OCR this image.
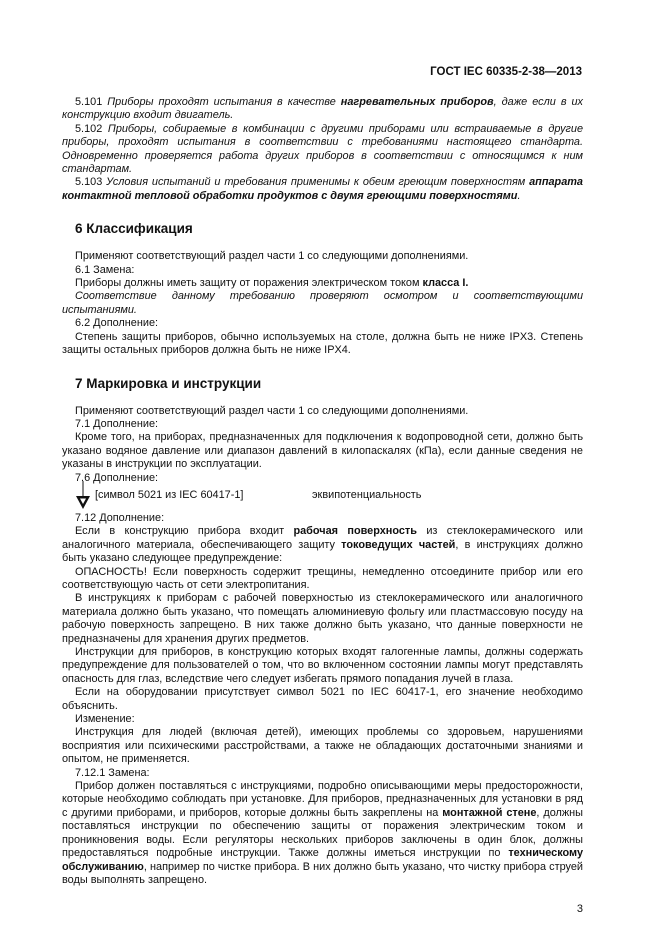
ГОСТ IEC 60335-2-38—2013

5.101 Приборы проходят испытания в качестве нагревательных приборов, даже если в их конструкцию входит двигатель.

5.102 Приборы, собираемые в комбинации с другими приборами или встраиваемые в другие приборы, проходят испытания в соответствии с требованиями настоящего стандарта. Одновременно проверяется работа других приборов в соответствии с относящимся к ним стандартам.

5.103 Условия испытаний и требования применимы к обеим греющим поверхностям аппарата контактной тепловой обработки продуктов с двумя греющими поверхностями.

6 Классификация

Применяют соответствующий раздел части 1 со следующими дополнениями.

6.1 Замена:

Приборы должны иметь защиту от поражения электрическом током класса I.

Соответствие данному требованию проверяют осмотром и соответствующими испытаниями.

6.2 Дополнение:

Степень защиты приборов, обычно используемых на столе, должна быть не ниже IPX3. Степень защиты остальных приборов должна быть не ниже IPX4.

7 Маркировка и инструкции

Применяют соответствующий раздел части 1 со следующими дополнениями.

7.1 Дополнение:

Кроме того, на приборах, предназначенных для подключения к водопроводной сети, должно быть указано водяное давление или диапазон давлений в килопаскалях (кПа), если данные сведения не указаны в инструкции по эксплуатации.

7.6 Дополнение:

[символ 5021 из IEC 60417-1]	эквипотенциальность

7.12 Дополнение:

Если в конструкцию прибора входит рабочая поверхность из стеклокерамического или аналогичного материала, обеспечивающего защиту токоведущих частей, в инструкциях должно быть указано следующее предупреждение:

ОПАСНОСТЬ! Если поверхность содержит трещины, немедленно отсоедините прибор или его соответствующую часть от сети электропитания.

В инструкциях к приборам с рабочей поверхностью из стеклокерамического или аналогичного материала должно быть указано, что помещать алюминиевую фольгу или пластмассовую посуду на рабочую поверхность запрещено. В них также должно быть указано, что данные поверхности не предназначены для хранения других предметов.

Инструкции для приборов, в конструкцию которых входят галогенные лампы, должны содержать предупреждение для пользователей о том, что во включенном состоянии лампы могут представлять опасность для глаз, вследствие чего следует избегать прямого попадания лучей в глаза.

Если на оборудовании присутствует символ 5021 по IEC 60417-1, его значение необходимо объяснить.

Изменение:

Инструкция для людей (включая детей), имеющих проблемы со здоровьем, нарушениями восприятия или психическими расстройствами, а также не обладающих достаточными знаниями и опытом, не применяется.

7.12.1 Замена:

Прибор должен поставляться с инструкциями, подробно описывающими меры предосторожности, которые необходимо соблюдать при установке. Для приборов, предназначенных для установки в ряд с другими приборами, и приборов, которые должны быть закреплены на монтажной стене, должны поставляться инструкции по обеспечению защиты от поражения электрическим током и проникновения воды. Если регуляторы нескольких приборов заключены в один блок, должны предоставляться подробные инструкции. Также должны иметься инструкции по техническому обслуживанию, например по чистке прибора. В них должно быть указано, что чистку прибора струей воды выполнять запрещено.

3
